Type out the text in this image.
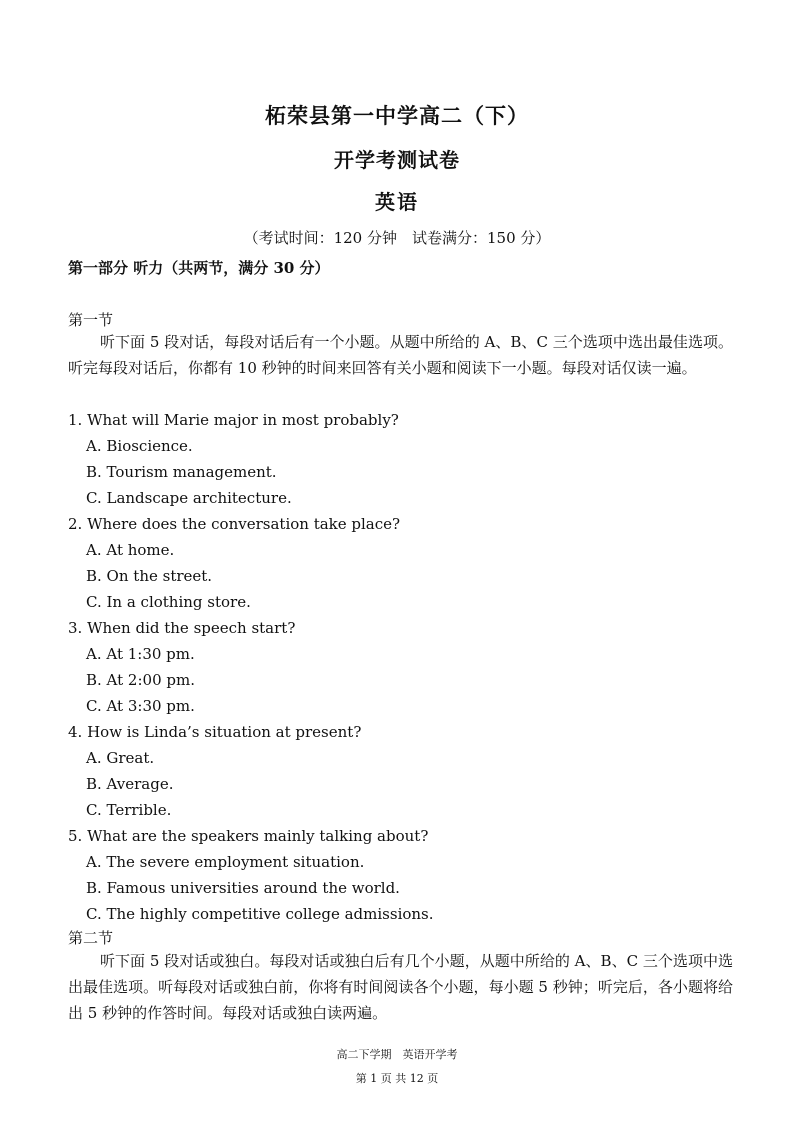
柘荣县第一中学高二（下）
开学考测试卷
英语
（考试时间：120 分钟　试卷满分：150 分）
第一部分 听力（共两节，满分 30 分）
第一节
听下面 5 段对话，每段对话后有一个小题。从题中所给的 A、B、C 三个选项中选出最佳选项。听完每段对话后，你都有 10 秒钟的时间来回答有关小题和阅读下一小题。每段对话仅读一遍。
1. What will Marie major in most probably?
A. Bioscience.
B. Tourism management.
C. Landscape architecture.
2. Where does the conversation take place?
A. At home.
B. On the street.
C. In a clothing store.
3. When did the speech start?
A. At 1:30 pm.
B. At 2:00 pm.
C. At 3:30 pm.
4. How is Linda’s situation at present?
A. Great.
B. Average.
C. Terrible.
5. What are the speakers mainly talking about?
A. The severe employment situation.
B. Famous universities around the world.
C. The highly competitive college admissions.
第二节
听下面 5 段对话或独白。每段对话或独白后有几个小题，从题中所给的 A、B、C 三个选项中选出最佳选项。听每段对话或独白前，你将有时间阅读各个小题，每小题 5 秒钟；听完后，各小题将给出 5 秒钟的作答时间。每段对话或独白读两遍。
高二下学期　英语开学考
第 1 页 共 12 页
